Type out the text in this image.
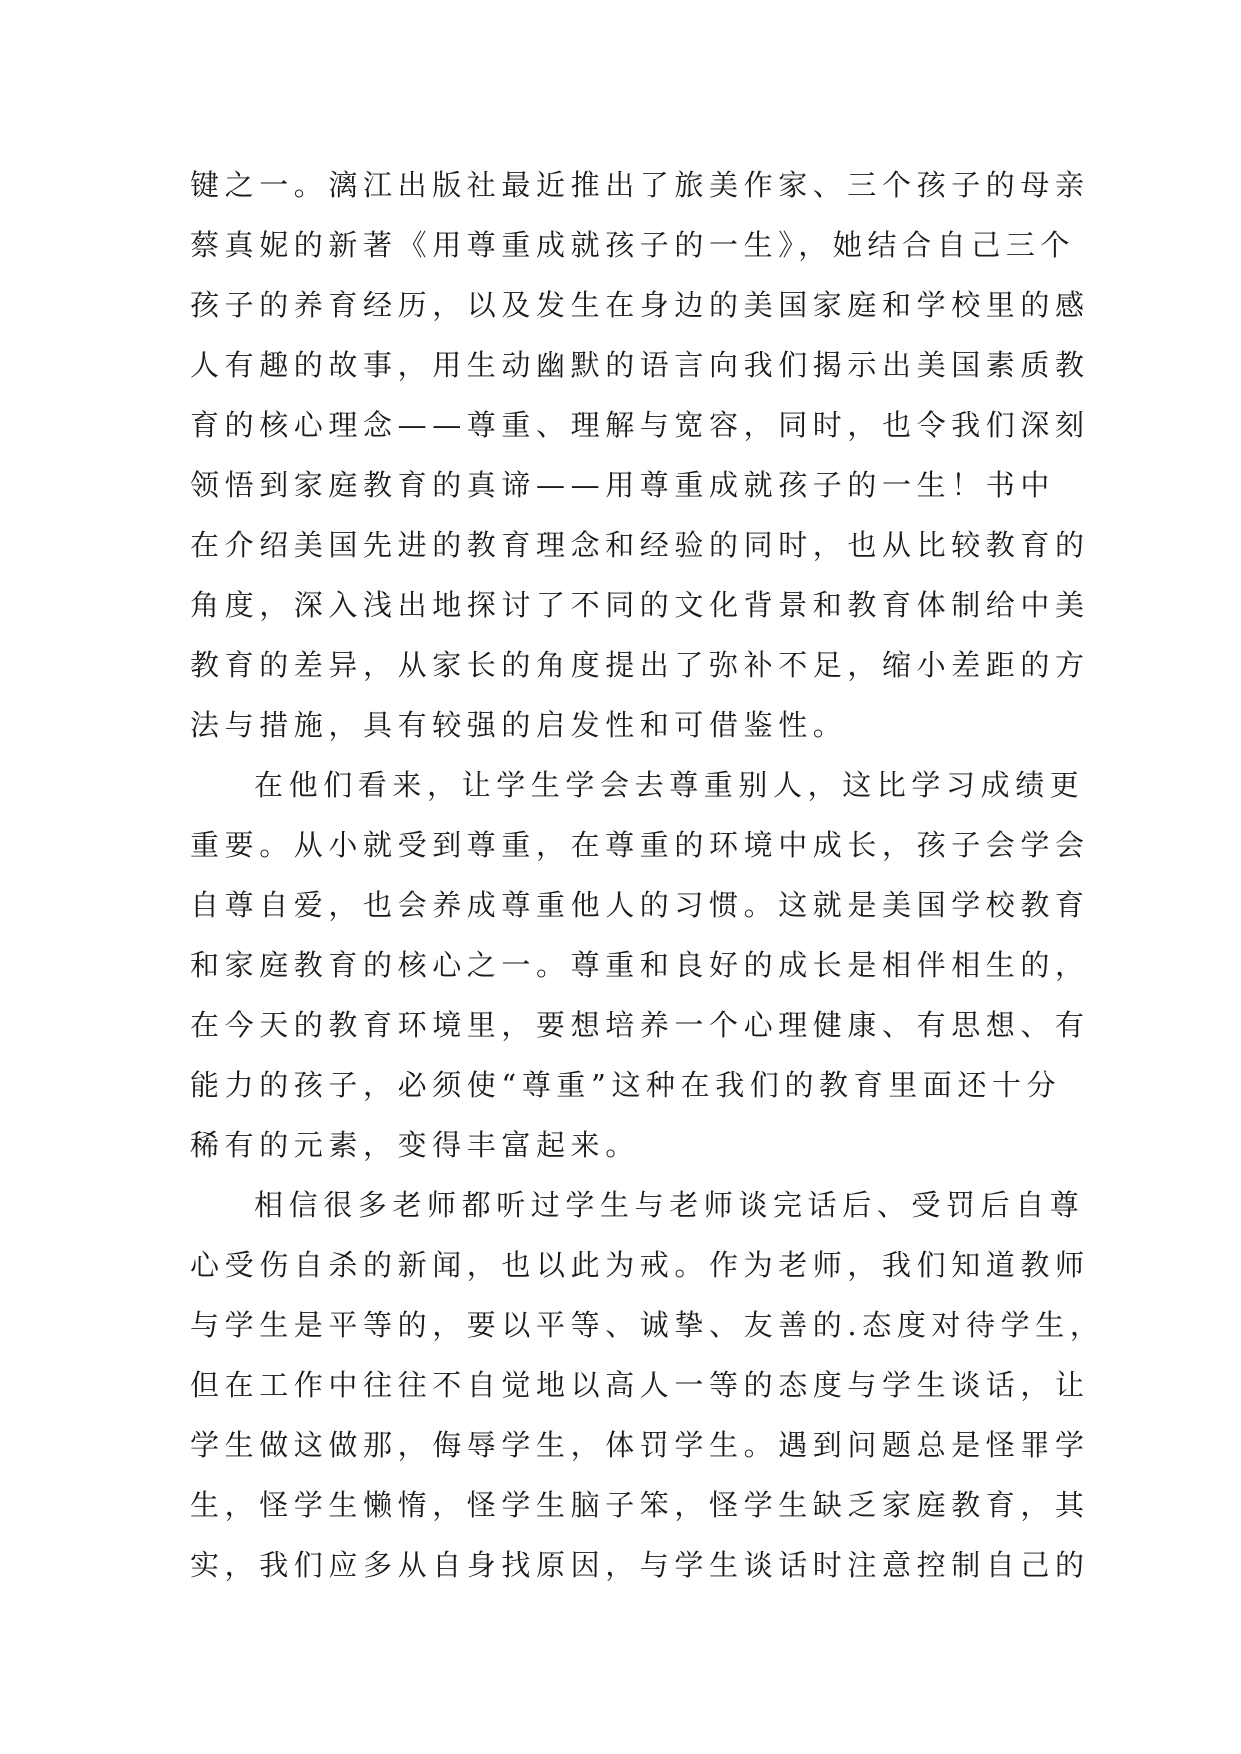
键之一。漓江出版社最近推出了旅美作家、三个孩子的母亲
蔡真妮的新著《用尊重成就孩子的一生》，她结合自己三个
孩子的养育经历，以及发生在身边的美国家庭和学校里的感
人有趣的故事，用生动幽默的语言向我们揭示出美国素质教
育的核心理念——尊重、理解与宽容，同时，也令我们深刻
领悟到家庭教育的真谛——用尊重成就孩子的一生！书中
在介绍美国先进的教育理念和经验的同时，也从比较教育的
角度，深入浅出地探讨了不同的文化背景和教育体制给中美
教育的差异，从家长的角度提出了弥补不足，缩小差距的方
法与措施，具有较强的启发性和可借鉴性。
在他们看来，让学生学会去尊重别人，这比学习成绩更
重要。从小就受到尊重，在尊重的环境中成长，孩子会学会
自尊自爱，也会养成尊重他人的习惯。这就是美国学校教育
和家庭教育的核心之一。尊重和良好的成长是相伴相生的，
在今天的教育环境里，要想培养一个心理健康、有思想、有
能力的孩子，必须使“尊重”这种在我们的教育里面还十分
稀有的元素，变得丰富起来。
相信很多老师都听过学生与老师谈完话后、受罚后自尊
心受伤自杀的新闻，也以此为戒。作为老师，我们知道教师
与学生是平等的，要以平等、诚挚、友善的.态度对待学生，
但在工作中往往不自觉地以高人一等的态度与学生谈话，让
学生做这做那，侮辱学生，体罚学生。遇到问题总是怪罪学
生，怪学生懒惰，怪学生脑子笨，怪学生缺乏家庭教育，其
实，我们应多从自身找原因，与学生谈话时注意控制自己的
